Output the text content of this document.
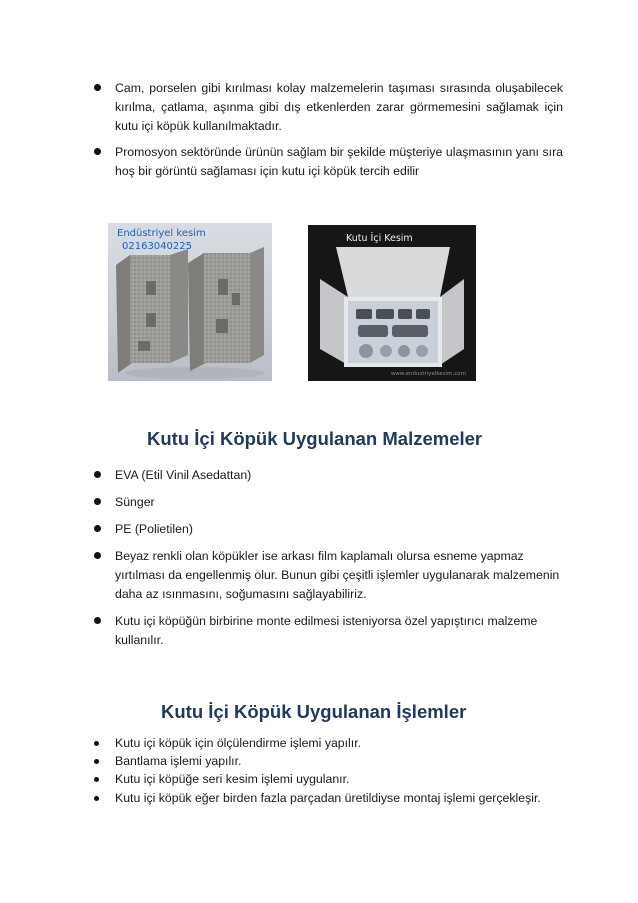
Cam, porselen gibi kırılması kolay malzemelerin taşıması sırasında oluşabilecek kırılma, çatlama, aşınma gibi dış etkenlerden zarar görmemesini sağlamak için kutu içi köpük kullanılmaktadır.
Promosyon sektöründe ürünün sağlam bir şekilde müşteriye ulaşmasının yanı sıra hoş bir görüntü sağlaması için kutu içi köpük tercih edilir
Endüstriyel kesim
02163040225
Kutu İçi Kesim
www.endustriyelkesim.com
Kutu İçi Köpük Uygulanan Malzemeler
EVA (Etil Vinil Asedattan)
Sünger
PE (Polietilen)
Beyaz renkli olan köpükler ise arkası film kaplamalı olursa esneme yapmaz yırtılması da engellenmiş olur. Bunun gibi çeşitli işlemler uygulanarak malzemenin daha az ısınmasını, soğumasını sağlayabiliriz.
Kutu içi köpüğün birbirine monte edilmesi isteniyorsa özel yapıştırıcı malzeme kullanılır.
Kutu İçi Köpük Uygulanan İşlemler
Kutu içi köpük için ölçülendirme işlemi yapılır.
Bantlama işlemi yapılır.
Kutu içi köpüğe seri kesim işlemi uygulanır.
Kutu içi köpük eğer birden fazla parçadan üretildiyse montaj işlemi gerçekleşir.
